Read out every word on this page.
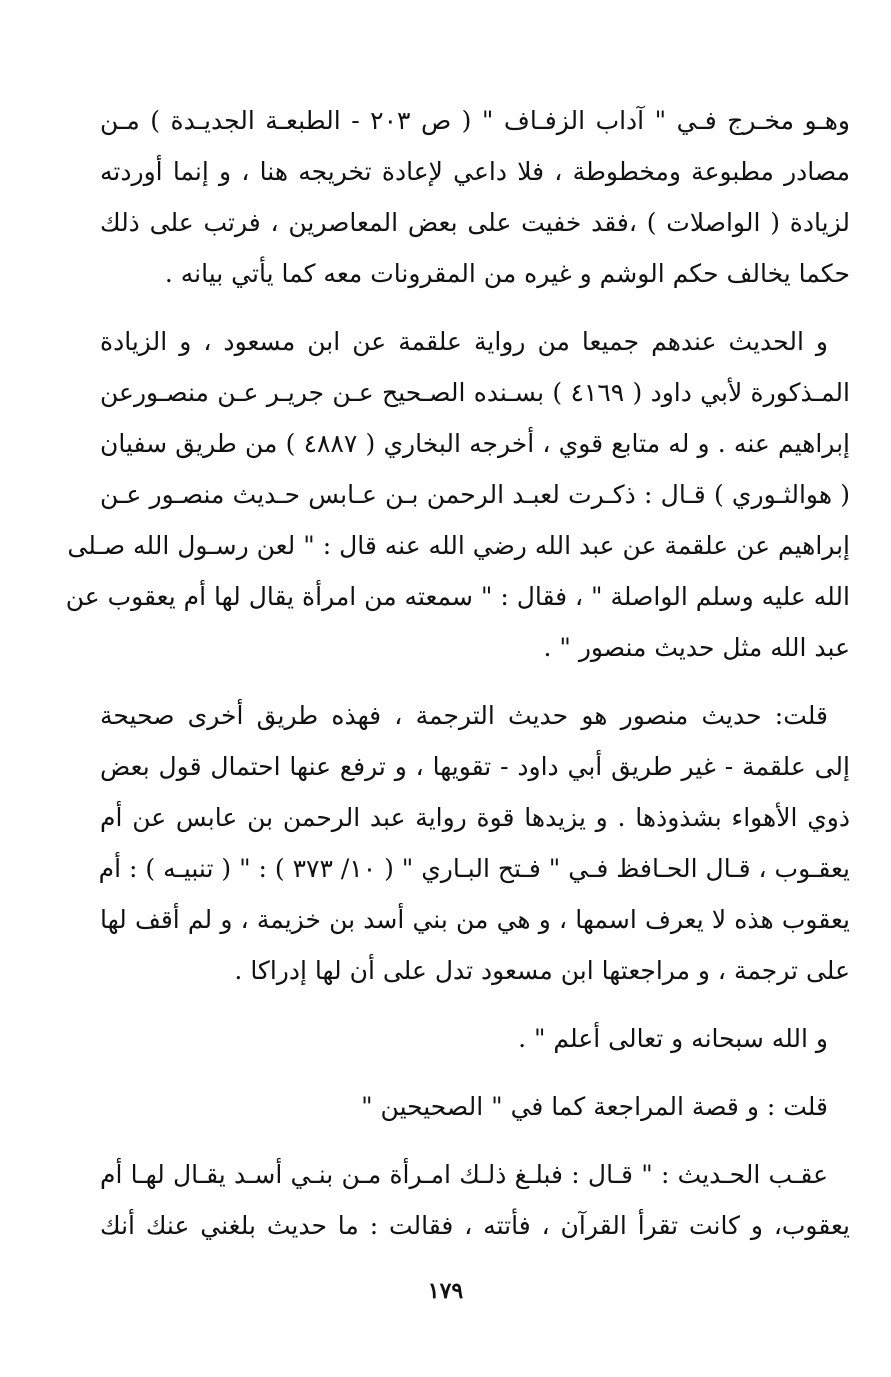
وهـو مخـرج فـي " آداب الزفـاف " ( ص ٢٠٣ - الطبعـة الجديـدة ) مـن
مصادر مطبوعة ومخطوطة ، فلا داعي لإعادة تخريجه هنا ، و إنما أوردته
لزيادة ( الواصلات ) ،فقد خفيت على بعض المعاصرين ، فرتب على ذلك
حكما يخالف حكم الوشم و غيره من المقرونات معه كما يأتي بيانه .

و الحديث عندهم جميعا من رواية علقمة عن ابن مسعود ، و الزيادة
المـذكورة لأبي داود ( ٤١٦٩ ) بسـنده الصـحيح عـن جريـر عـن منصـورعن
إبراهيم عنه . و له متابع قوي ، أخرجه البخاري ( ٤٨٨٧ ) من طريق سفيان
( هوالثـوري ) قـال : ذكـرت لعبـد الرحمن بـن عـابس حـديث منصـور عـن
إبراهيم عن علقمة عن عبد الله رضي الله عنه قال : " لعن رسـول الله صـلى
الله عليه وسلم الواصلة " ، فقال : " سمعته من امرأة يقال لها أم يعقوب عن
عبد الله مثل حديث منصور " .

قلت: حديث منصور هو حديث الترجمة ، فهذه طريق أخرى صحيحة
إلى علقمة - غير طريق أبي داود - تقويها ، و ترفع عنها احتمال قول بعض
ذوي الأهواء بشذوذها . و يزيدها قوة رواية عبد الرحمن بن عابس عن أم
يعقـوب ، قـال الحـافظ فـي " فـتح البـاري " ( ١٠/ ٣٧٣ ) : " ( تنبيـه ) : أم
يعقوب هذه لا يعرف اسمها ، و هي من بني أسد بن خزيمة ، و لم أقف لها
على ترجمة ، و مراجعتها ابن مسعود تدل على أن لها إدراكا .

و الله سبحانه و تعالى أعلم " .

قلت : و قصة المراجعة كما في " الصحيحين "

عقـب الحـديث : " قـال : فبلـغ ذلـك امـرأة مـن بنـي أسـد يقـال لهـا أم
يعقوب، و كانت تقرأ القرآن ، فأتته ، فقالت : ما حديث بلغني عنك أنك

١٧٩
